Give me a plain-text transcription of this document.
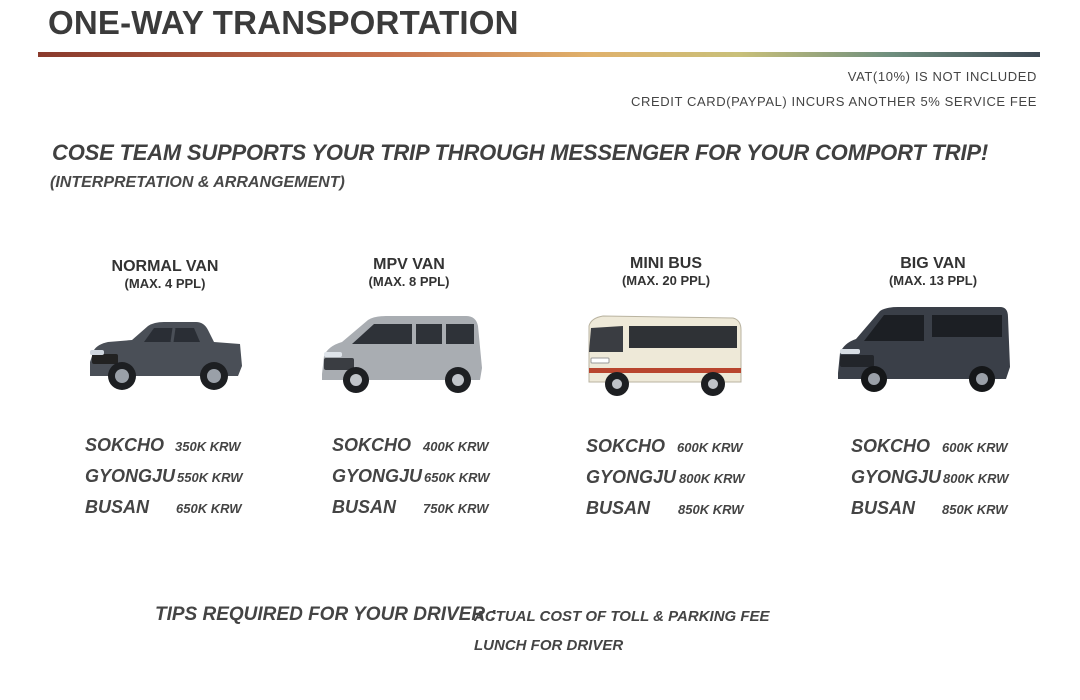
ONE-WAY TRANSPORTATION
VAT(10%) IS NOT INCLUDED
CREDIT CARD(PAYPAL) INCURS ANOTHER 5% SERVICE FEE
COSE TEAM SUPPORTS YOUR TRIP THROUGH MESSENGER FOR YOUR COMPORT TRIP!
(INTERPRETATION & ARRANGEMENT)
NORMAL VAN
(MAX. 4 PPL)
SOKCHO 350K KRW
GYONGJU 550K KRW
BUSAN 650K KRW
MPV VAN
(MAX. 8 PPL)
SOKCHO 400K KRW
GYONGJU 650K KRW
BUSAN 750K KRW
MINI BUS
(MAX. 20 PPL)
SOKCHO 600K KRW
GYONGJU 800K KRW
BUSAN 850K KRW
BIG VAN
(MAX. 13 PPL)
SOKCHO 600K KRW
GYONGJU 800K KRW
BUSAN 850K KRW
TIPS REQUIRED FOR YOUR DRIVER :
ACTUAL COST OF TOLL & PARKING FEE
LUNCH FOR DRIVER
